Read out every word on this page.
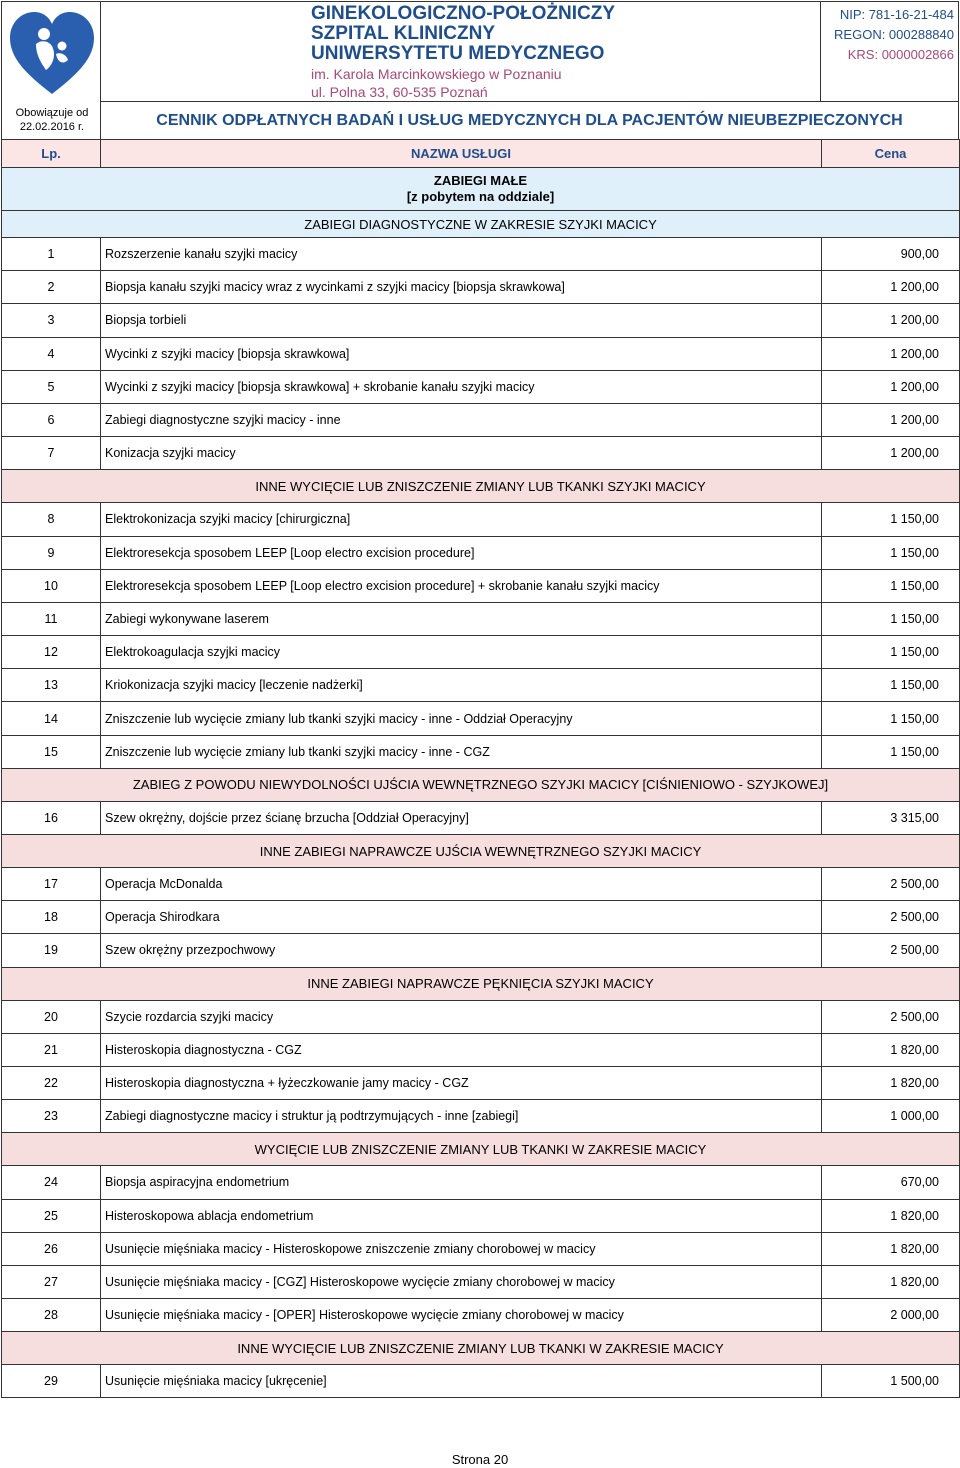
Obowiązuje od
22.02.2016 r.
GINEKOLOGICZNO-POŁOŻNICZY
SZPITAL KLINICZNY
UNIWERSYTETU MEDYCZNEGO
im. Karola Marcinkowskiego w Poznaniu
ul. Polna 33, 60-535 Poznań
NIP: 781-16-21-484
REGON: 000288840
KRS: 0000002866
CENNIK ODPŁATNYCH BADAŃ I USŁUG MEDYCZNYCH DLA PACJENTÓW NIEUBEZPIECZONYCH
Lp.	NAZWA USŁUGI	Cena

ZABIEGI MAŁE
[z pobytem na oddziale]		

ZABIEGI DIAGNOSTYCZNE W ZAKRESIE SZYJKI MACICY		
1	Rozszerzenie kanału szyjki macicy	900,00
2	Biopsja kanału szyjki macicy wraz z wycinkami z szyjki macicy [biopsja skrawkowa]	1 200,00
3	Biopsja torbieli	1 200,00
4	Wycinki z szyjki macicy [biopsja skrawkowa]	1 200,00
5	Wycinki z szyjki macicy [biopsja skrawkowa] + skrobanie kanału szyjki macicy	1 200,00
6	Zabiegi diagnostyczne szyjki macicy - inne	1 200,00
7	Konizacja szyjki macicy	1 200,00
INNE WYCIĘCIE LUB ZNISZCZENIE ZMIANY LUB TKANKI SZYJKI MACICY		
8	Elektrokonizacja szyjki macicy [chirurgiczna]	1 150,00
9	Elektroresekcja sposobem LEEP [Loop electro excision procedure]	1 150,00
10	Elektroresekcja sposobem LEEP [Loop electro excision procedure] + skrobanie kanału szyjki macicy	1 150,00
11	Zabiegi wykonywane laserem	1 150,00
12	Elektrokoagulacja szyjki macicy	1 150,00
13	Kriokonizacja szyjki macicy [leczenie nadżerki]	1 150,00
14	Zniszczenie lub wycięcie zmiany lub tkanki szyjki macicy - inne - Oddział Operacyjny	1 150,00
15	Zniszczenie lub wycięcie zmiany lub tkanki szyjki macicy - inne - CGZ	1 150,00
ZABIEG Z POWODU NIEWYDOLNOŚCI UJŚCIA WEWNĘTRZNEGO SZYJKI MACICY [CIŚNIENIOWO - SZYJKOWEJ]		
16	Szew okrężny, dojście przez ścianę brzucha [Oddział Operacyjny]	3 315,00
INNE ZABIEGI NAPRAWCZE UJŚCIA WEWNĘTRZNEGO SZYJKI MACICY		
17	Operacja McDonalda	2 500,00
18	Operacja Shirodkara	2 500,00
19	Szew okrężny przezpochwowy	2 500,00
INNE ZABIEGI NAPRAWCZE PĘKNIĘCIA SZYJKI MACICY		
20	Szycie rozdarcia szyjki macicy	2 500,00
21	Histeroskopia diagnostyczna - CGZ	1 820,00
22	Histeroskopia diagnostyczna + łyżeczkowanie jamy macicy - CGZ	1 820,00
23	Zabiegi diagnostyczne macicy i struktur ją podtrzymujących - inne [zabiegi]	1 000,00
WYCIĘCIE LUB ZNISZCZENIE ZMIANY LUB TKANKI W ZAKRESIE MACICY		
24	Biopsja aspiracyjna endometrium	670,00
25	Histeroskopowa ablacja endometrium	1 820,00
26	Usunięcie mięśniaka macicy - Histeroskopowe zniszczenie zmiany chorobowej w macicy	1 820,00
27	Usunięcie mięśniaka macicy - [CGZ] Histeroskopowe wycięcie zmiany chorobowej w macicy	1 820,00
28	Usunięcie mięśniaka macicy - [OPER] Histeroskopowe wycięcie zmiany chorobowej w macicy	2 000,00
INNE WYCIĘCIE LUB ZNISZCZENIE ZMIANY LUB TKANKI W ZAKRESIE MACICY		
29	Usunięcie mięśniaka macicy [ukręcenie]	1 500,00
Strona 20
